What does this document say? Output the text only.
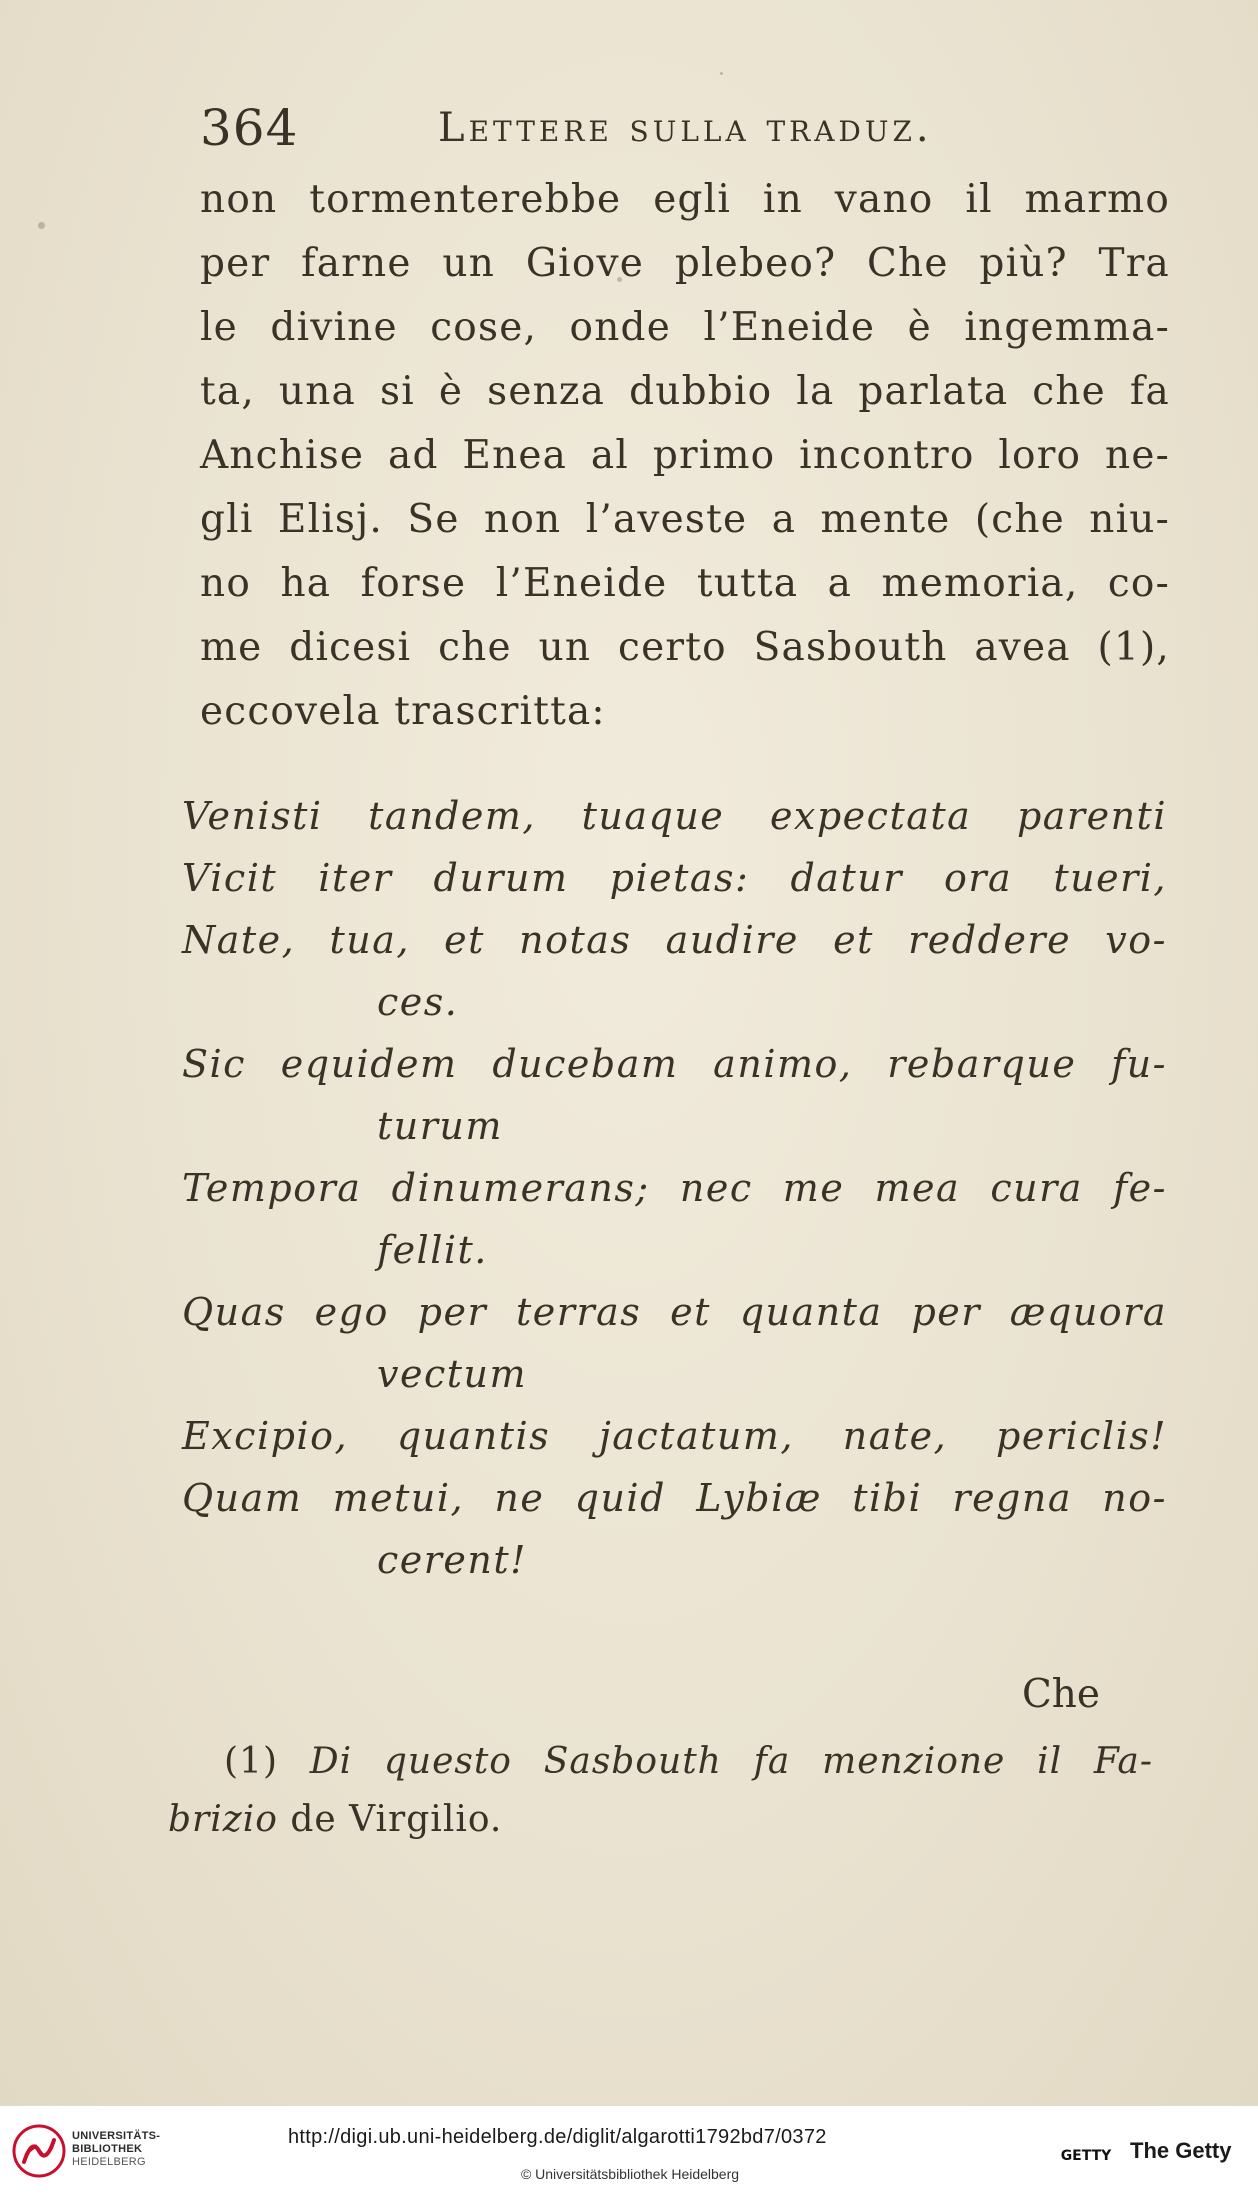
364	Lettere sulla traduz.
non tormenterebbe egli in vano il marmo
per farne un Giove plebeo? Che più? Tra
le divine cose, onde l’Eneide è ingemma-
ta, una si è senza dubbio la parlata che fa
Anchise ad Enea al primo incontro loro ne-
gli Elisj. Se non l’aveste a mente (che niu-
no ha forse l’Eneide tutta a memoria, co-
me dicesi che un certo Sasbouth avea (1),
eccovela trascritta:
Venisti tandem, tuaque expectata parenti
Vicit iter durum pietas: datur ora tueri,
Nate, tua, et notas audire et reddere vo-
ces.
Sic equidem ducebam animo, rebarque fu-
turum
Tempora dinumerans; nec me mea cura fe-
fellit.
Quas ego per terras et quanta per æquora
vectum
Excipio, quantis jactatum, nate, periclis!
Quam metui, ne quid Lybiæ tibi regna no-
cerent!
Che
(1) Di questo Sasbouth fa menzione il Fa-
brizio de Virgilio.
UNIVERSITÄTS-
BIBLIOTHEK
HEIDELBERG
http://digi.ub.uni-heidelberg.de/diglit/algarotti1792bd7/0372
© Universitätsbibliothek Heidelberg
GETTY The Getty
